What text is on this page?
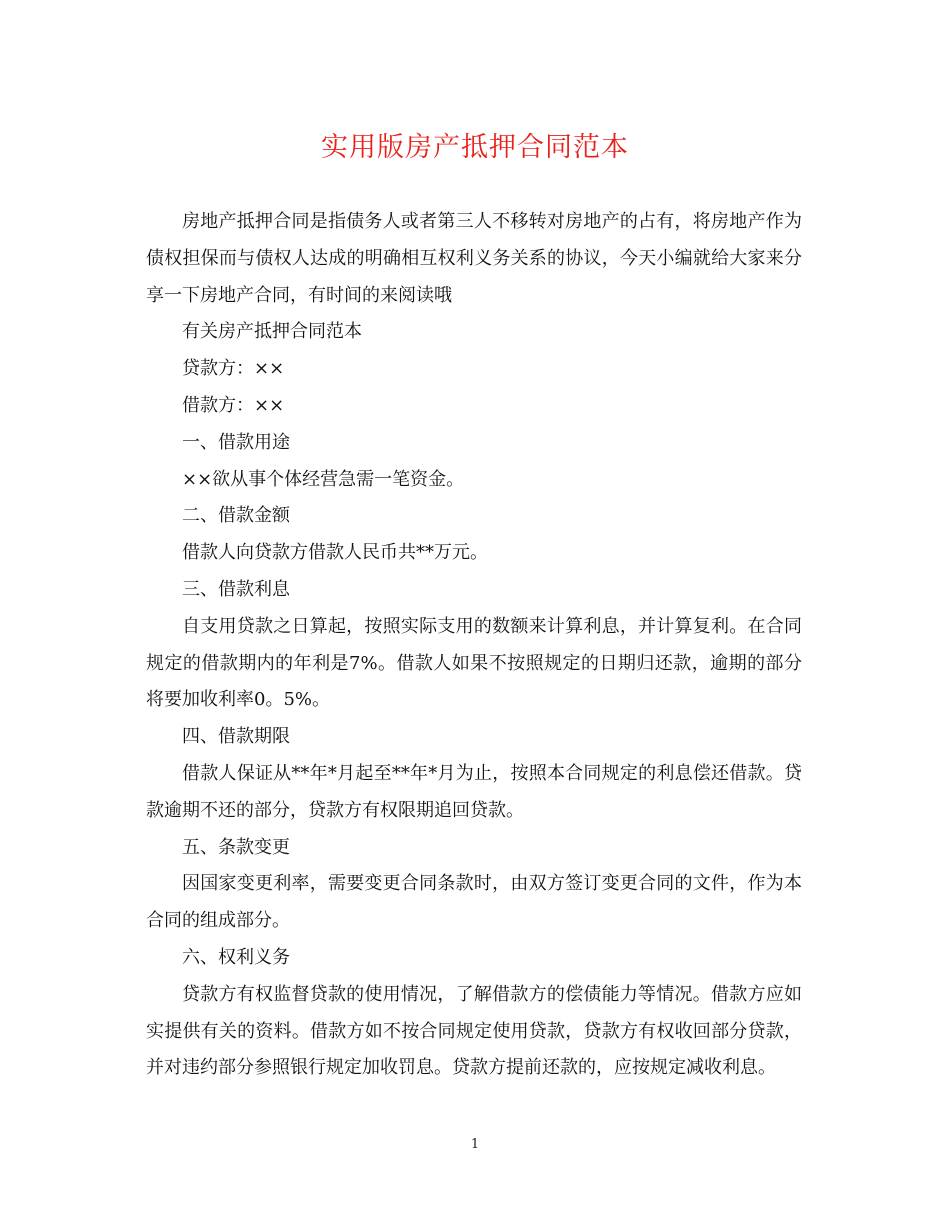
实用版房产抵押合同范本

房地产抵押合同是指债务人或者第三人不移转对房地产的占有，将房地产作为债权担保而与债权人达成的明确相互权利义务关系的协议，今天小编就给大家来分享一下房地产合同，有时间的来阅读哦

有关房产抵押合同范本

贷款方：××

借款方：××

一、借款用途

××欲从事个体经营急需一笔资金。

二、借款金额

借款人向贷款方借款人民币共**万元。

三、借款利息

自支用贷款之日算起，按照实际支用的数额来计算利息，并计算复利。在合同规定的借款期内的年利是7%。借款人如果不按照规定的日期归还款，逾期的部分将要加收利率0。5%。

四、借款期限

借款人保证从**年*月起至**年*月为止，按照本合同规定的利息偿还借款。贷款逾期不还的部分，贷款方有权限期追回贷款。

五、条款变更

因国家变更利率，需要变更合同条款时，由双方签订变更合同的文件，作为本合同的组成部分。

六、权利义务

贷款方有权监督贷款的使用情况，了解借款方的偿债能力等情况。借款方应如实提供有关的资料。借款方如不按合同规定使用贷款，贷款方有权收回部分贷款，并对违约部分参照银行规定加收罚息。贷款方提前还款的，应按规定减收利息。

1
